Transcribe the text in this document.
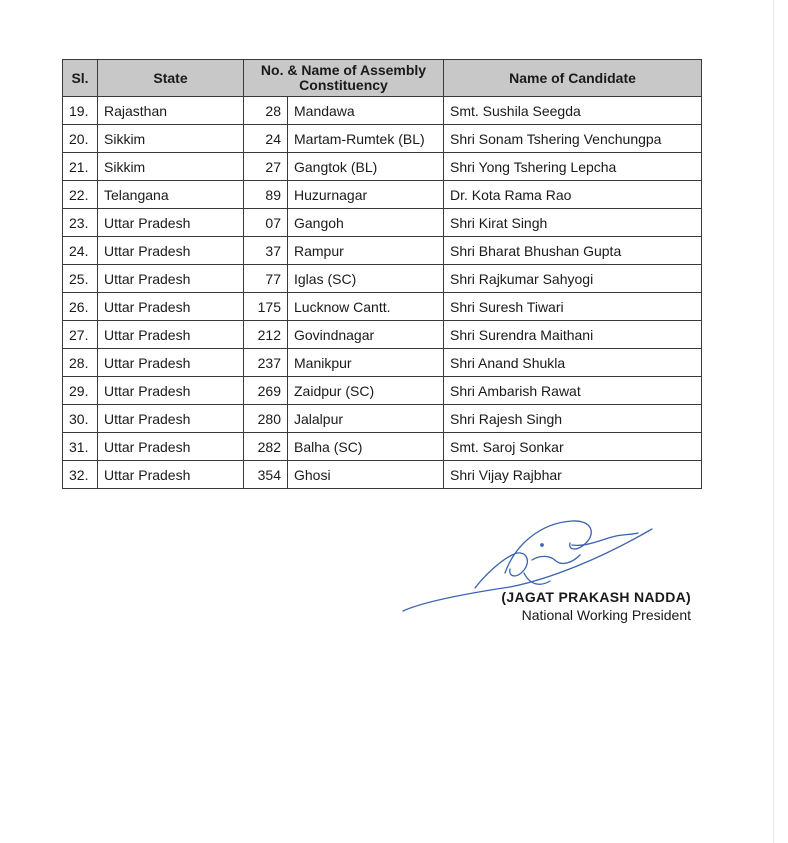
Sl.	State	No. & Name of Assembly Constituency		Name of Candidate
19.	Rajasthan	28	Mandawa	Smt. Sushila Seegda
20.	Sikkim	24	Martam-Rumtek (BL)	Shri Sonam Tshering Venchungpa
21.	Sikkim	27	Gangtok (BL)	Shri Yong Tshering Lepcha
22.	Telangana	89	Huzurnagar	Dr. Kota Rama Rao
23.	Uttar Pradesh	07	Gangoh	Shri Kirat Singh
24.	Uttar Pradesh	37	Rampur	Shri Bharat Bhushan Gupta
25.	Uttar Pradesh	77	Iglas (SC)	Shri Rajkumar Sahyogi
26.	Uttar Pradesh	175	Lucknow Cantt.	Shri Suresh Tiwari
27.	Uttar Pradesh	212	Govindnagar	Shri Surendra Maithani
28.	Uttar Pradesh	237	Manikpur	Shri Anand Shukla
29.	Uttar Pradesh	269	Zaidpur (SC)	Shri Ambarish Rawat
30.	Uttar Pradesh	280	Jalalpur	Shri Rajesh Singh
31.	Uttar Pradesh	282	Balha (SC)	Smt. Saroj Sonkar
32.	Uttar Pradesh	354	Ghosi	Shri Vijay Rajbhar
(JAGAT PRAKASH NADDA)
National Working President
